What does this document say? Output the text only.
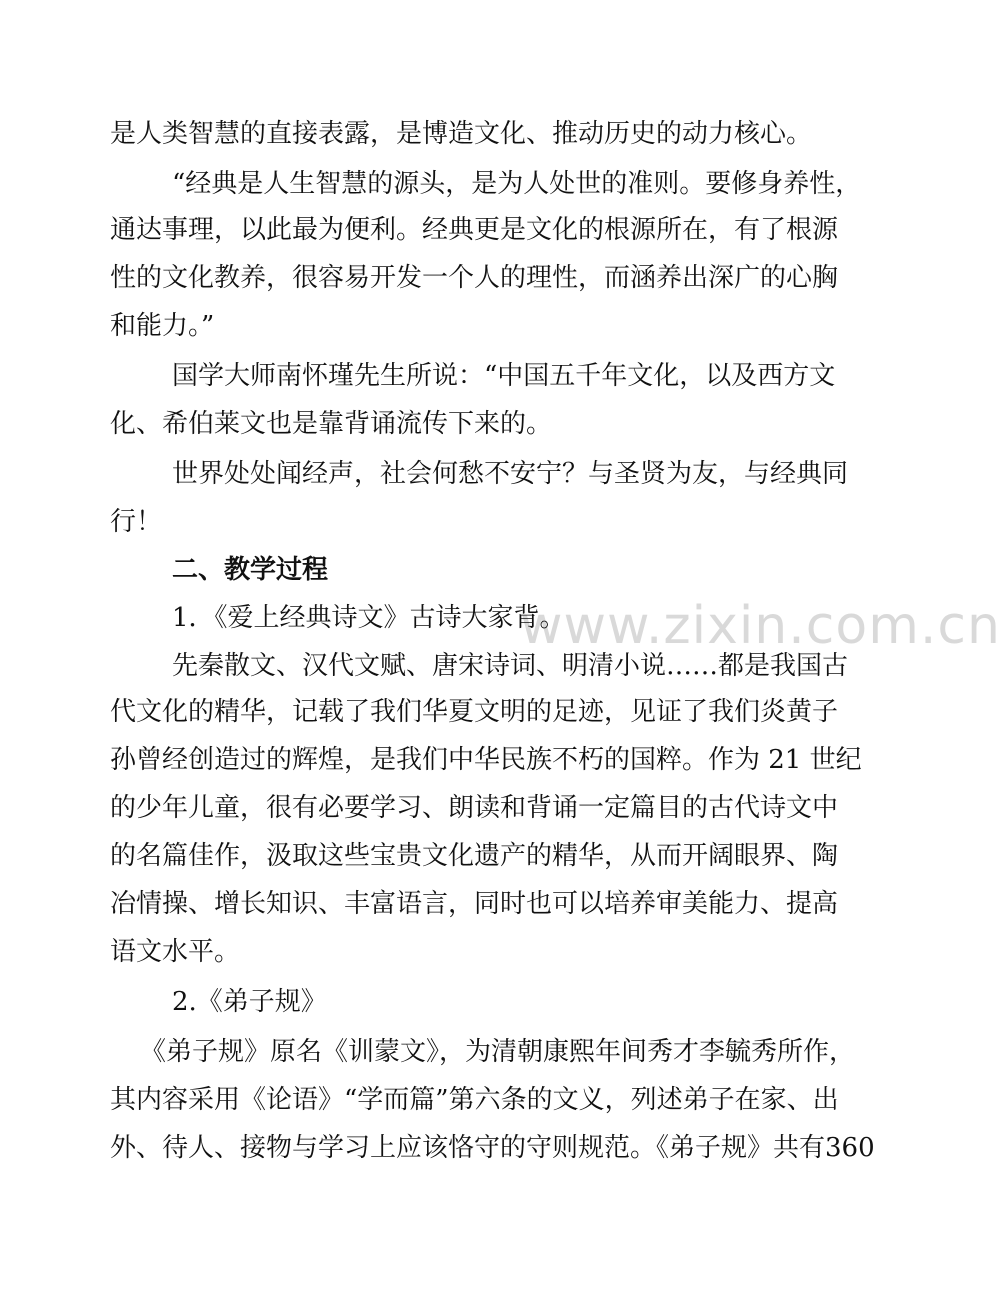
www.zixin.com.cn
是人类智慧的直接表露，是博造文化、推动历史的动力核心。
“经典是人生智慧的源头，是为人处世的准则。要修身养性，
通达事理，以此最为便利。经典更是文化的根源所在，有了根源
性的文化教养，很容易开发一个人的理性，而涵养出深广的心胸
和能力。”
国学大师南怀瑾先生所说：“中国五千年文化，以及西方文
化、希伯莱文也是靠背诵流传下来的。
世界处处闻经声，社会何愁不安宁？与圣贤为友，与经典同
行！
二、教学过程
1．《爱上经典诗文》古诗大家背。
先秦散文、汉代文赋、唐宋诗词、明清小说……都是我国古
代文化的精华，记载了我们华夏文明的足迹，见证了我们炎黄子
孙曾经创造过的辉煌，是我们中华民族不朽的国粹。作为 21 世纪
的少年儿童，很有必要学习、朗读和背诵一定篇目的古代诗文中
的名篇佳作，汲取这些宝贵文化遗产的精华，从而开阔眼界、陶
冶情操、增长知识、丰富语言，同时也可以培养审美能力、提高
语文水平。
2.《弟子规》
《弟子规》原名《训蒙文》，为清朝康熙年间秀才李毓秀所作，
其内容采用《论语》“学而篇”第六条的文义，列述弟子在家、出
外、待人、接物与学习上应该恪守的守则规范。《弟子规》共有360
